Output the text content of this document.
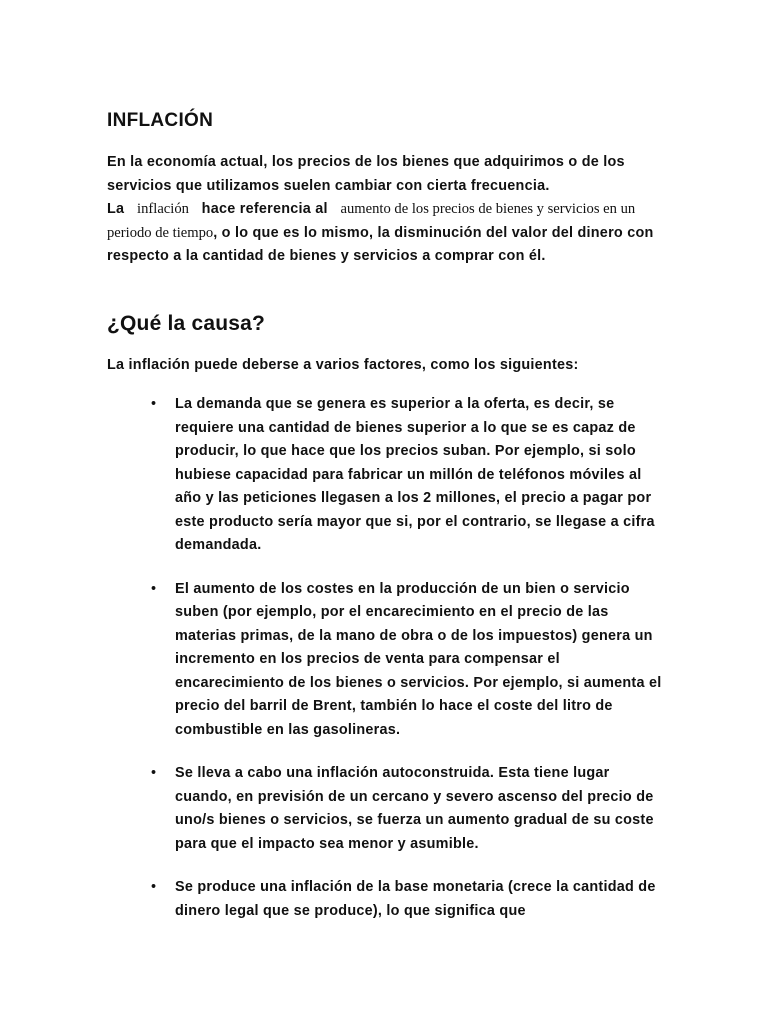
INFLACIÓN

En la economía actual, los precios de los bienes que adquirimos o de los servicios que utilizamos suelen cambiar con cierta frecuencia.
La inflación hace referencia al aumento de los precios de bienes y servicios en un periodo de tiempo, o lo que es lo mismo, la disminución del valor del dinero con respecto a la cantidad de bienes y servicios a comprar con él.

¿Qué la causa?

La inflación puede deberse a varios factores, como los siguientes:

• La demanda que se genera es superior a la oferta, es decir, se requiere una cantidad de bienes superior a lo que se es capaz de producir, lo que hace que los precios suban. Por ejemplo, si solo hubiese capacidad para fabricar un millón de teléfonos móviles al año y las peticiones llegasen a los 2 millones, el precio a pagar por este producto sería mayor que si, por el contrario, se llegase a cifra demandada.
• El aumento de los costes en la producción de un bien o servicio suben (por ejemplo, por el encarecimiento en el precio de las materias primas, de la mano de obra o de los impuestos) genera un incremento en los precios de venta para compensar el encarecimiento de los bienes o servicios. Por ejemplo, si aumenta el precio del barril de Brent, también lo hace el coste del litro de combustible en las gasolineras.
• Se lleva a cabo una inflación autoconstruida. Esta tiene lugar cuando, en previsión de un cercano y severo ascenso del precio de uno/s bienes o servicios, se fuerza un aumento gradual de su coste para que el impacto sea menor y asumible.
• Se produce una inflación de la base monetaria (crece la cantidad de dinero legal que se produce), lo que significa que
